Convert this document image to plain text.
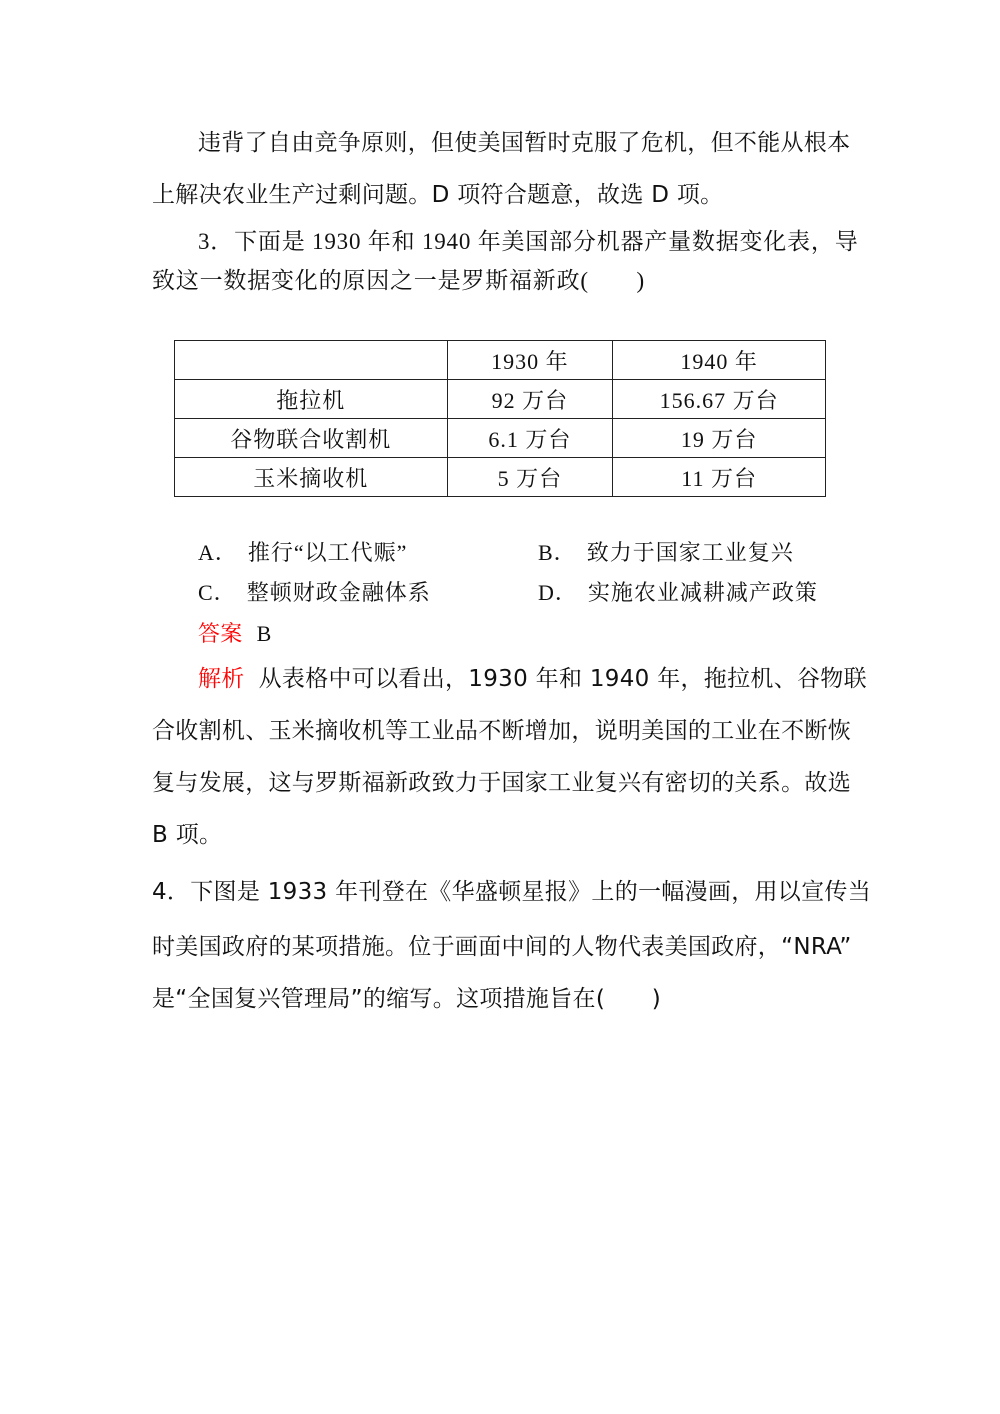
违背了自由竞争原则，但使美国暂时克服了危机，但不能从根本
上解决农业生产过剩问题。D 项符合题意，故选 D 项。
3．下面是 1930 年和 1940 年美国部分机器产量数据变化表，导
致这一数据变化的原因之一是罗斯福新政(　　)
	1930 年	1940 年
拖拉机	92 万台	156.67 万台
谷物联合收割机	6.1 万台	19 万台
玉米摘收机	5 万台	11 万台
A． 推行“以工代赈”	B． 致力于国家工业复兴
C． 整顿财政金融体系	D． 实施农业减耕减产政策
答案 B
解析 从表格中可以看出，1930 年和 1940 年，拖拉机、谷物联
合收割机、玉米摘收机等工业品不断增加，说明美国的工业在不断恢
复与发展，这与罗斯福新政致力于国家工业复兴有密切的关系。故选
B 项。
4．下图是 1933 年刊登在《华盛顿星报》上的一幅漫画，用以宣传当
时美国政府的某项措施。位于画面中间的人物代表美国政府，“NRA”
是“全国复兴管理局”的缩写。这项措施旨在(　　)
